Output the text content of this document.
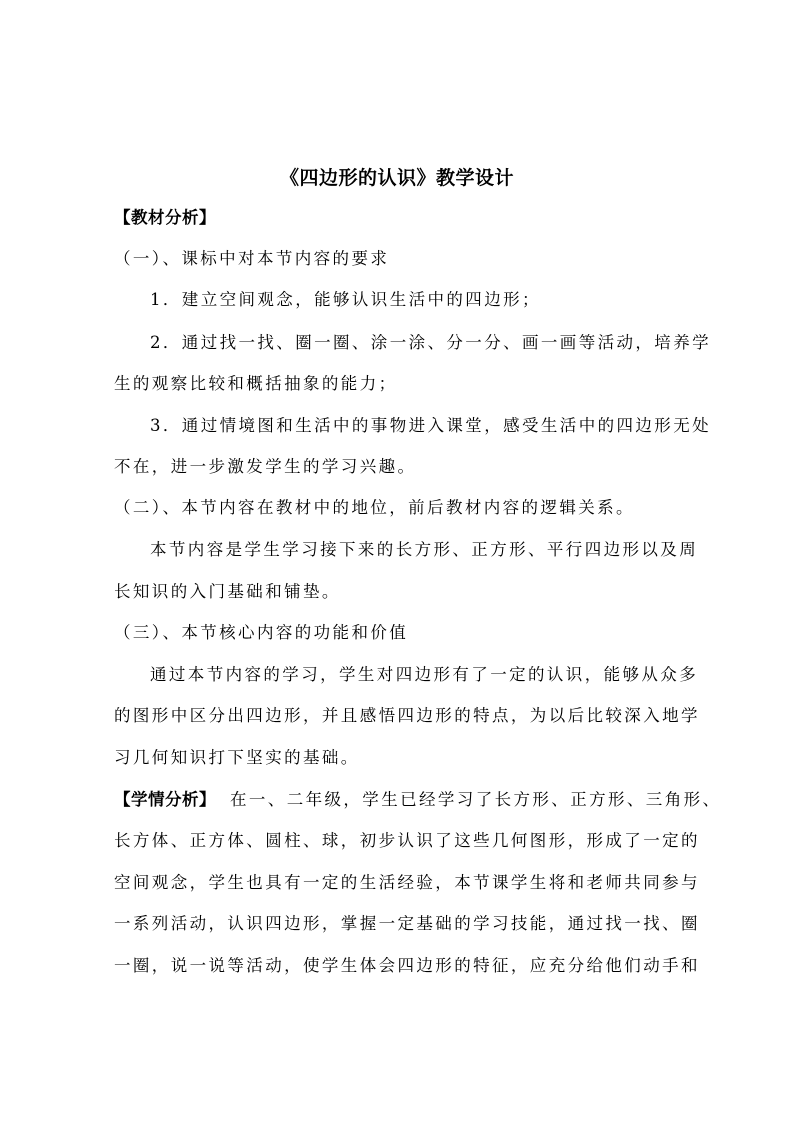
《四边形的认识》教学设计
【教材分析】
（一）、课标中对本节内容的要求
1．建立空间观念，能够认识生活中的四边形；
2．通过找一找、圈一圈、涂一涂、分一分、画一画等活动，培养学
生的观察比较和概括抽象的能力；
3．通过情境图和生活中的事物进入课堂，感受生活中的四边形无处
不在，进一步激发学生的学习兴趣。
（二）、本节内容在教材中的地位，前后教材内容的逻辑关系。
本节内容是学生学习接下来的长方形、正方形、平行四边形以及周
长知识的入门基础和铺垫。
（三）、本节核心内容的功能和价值
通过本节内容的学习，学生对四边形有了一定的认识，能够从众多
的图形中区分出四边形，并且感悟四边形的特点，为以后比较深入地学
习几何知识打下坚实的基础。
【学情分析】 在一、二年级，学生已经学习了长方形、正方形、三角形、
长方体、正方体、圆柱、球，初步认识了这些几何图形，形成了一定的
空间观念，学生也具有一定的生活经验，本节课学生将和老师共同参与
一系列活动，认识四边形，掌握一定基础的学习技能，通过找一找、圈
一圈，说一说等活动，使学生体会四边形的特征，应充分给他们动手和
